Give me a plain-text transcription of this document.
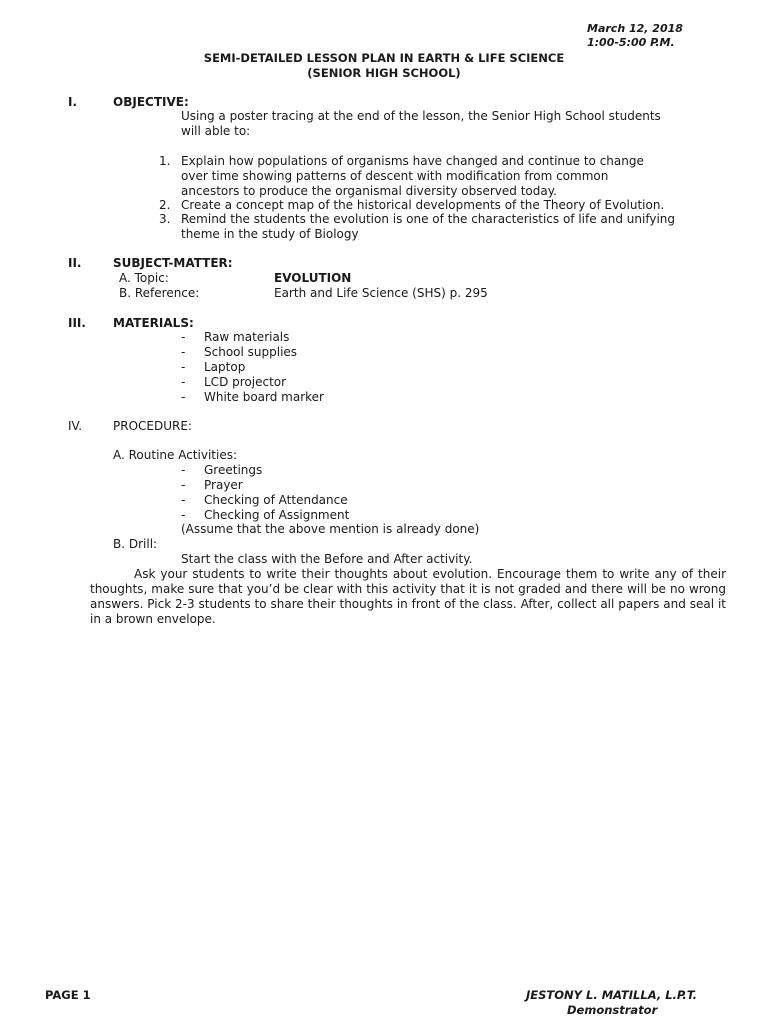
March 12, 2018
1:00-5:00 P.M.
SEMI-DETAILED LESSON PLAN IN EARTH & LIFE SCIENCE
(SENIOR HIGH SCHOOL)
I.	OBJECTIVE:
Using a poster tracing at the end of the lesson, the Senior High School students
will able to:
1. Explain how populations of organisms have changed and continue to change
over time showing patterns of descent with modification from common
ancestors to produce the organismal diversity observed today.
2. Create a concept map of the historical developments of the Theory of Evolution.
3. Remind the students the evolution is one of the characteristics of life and unifying
theme in the study of Biology
II.	SUBJECT-MATTER:
A. Topic:	EVOLUTION
B. Reference:	Earth and Life Science (SHS) p. 295
III. MATERIALS:
- Raw materials
- School supplies
- Laptop
- LCD projector
- White board marker
IV.	PROCEDURE:
A. Routine Activities:
- Greetings
- Prayer
- Checking of Attendance
- Checking of Assignment
(Assume that the above mention is already done)
B. Drill:
Start the class with the Before and After activity.
Ask your students to write their thoughts about evolution. Encourage them to write any of their thoughts, make sure that you’d be clear with this activity that it is not graded and there will be no wrong answers. Pick 2-3 students to share their thoughts in front of the class. After, collect all papers and seal it in a brown envelope.
PAGE 1	JESTONY L. MATILLA, L.P.T.
Demonstrator
